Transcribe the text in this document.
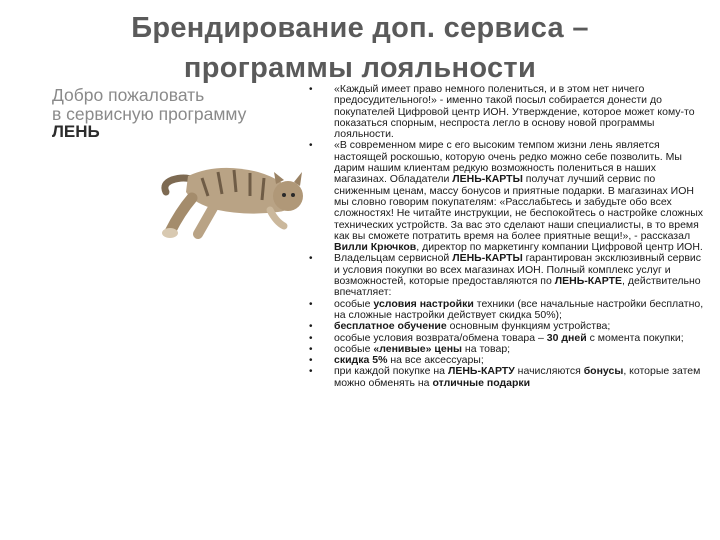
Брендирование доп. сервиса –
программы лояльности
Добро пожаловать
в сервисную программу
ЛЕНЬ
• «Каждый имеет право немного полениться, и в этом нет ничего предосудительного!» - именно такой посыл собирается донести до покупателей Цифровой центр ИОН. Утверждение, которое может кому-то показаться спорным, неспроста легло в основу новой программы лояльности.
• «В современном мире с его высоким темпом жизни лень является настоящей роскошью, которую очень редко можно себе позволить. Мы дарим нашим клиентам редкую возможность полениться в наших магазинах. Обладатели ЛЕНЬ-КАРТЫ получат лучший сервис по сниженным ценам, массу бонусов и приятные подарки. В магазинах ИОН мы словно говорим покупателям: «Расслабьтесь и забудьте обо всех сложностях! Не читайте инструкции, не беспокойтесь о настройке сложных технических устройств. За вас это сделают наши специалисты, в то время как вы сможете потратить время на более приятные вещи!», - рассказал Вилли Крючков, директор по маркетингу компании Цифровой центр ИОН.
• Владельцам сервисной ЛЕНЬ-КАРТЫ гарантирован эксклюзивный сервис и условия покупки во всех магазинах ИОН. Полный комплекс услуг и возможностей, которые предоставляются по ЛЕНЬ-КАРТЕ, действительно впечатляет:
• особые условия настройки техники (все начальные настройки бесплатно, на сложные настройки действует скидка 50%);
• бесплатное обучение основным функциям устройства;
• особые условия возврата/обмена товара – 30 дней с момента покупки;
• особые «ленивые» цены на товар;
• скидка 5% на все аксессуары;
• при каждой покупке на ЛЕНЬ-КАРТУ начисляются бонусы, которые затем можно обменять на отличные подарки
